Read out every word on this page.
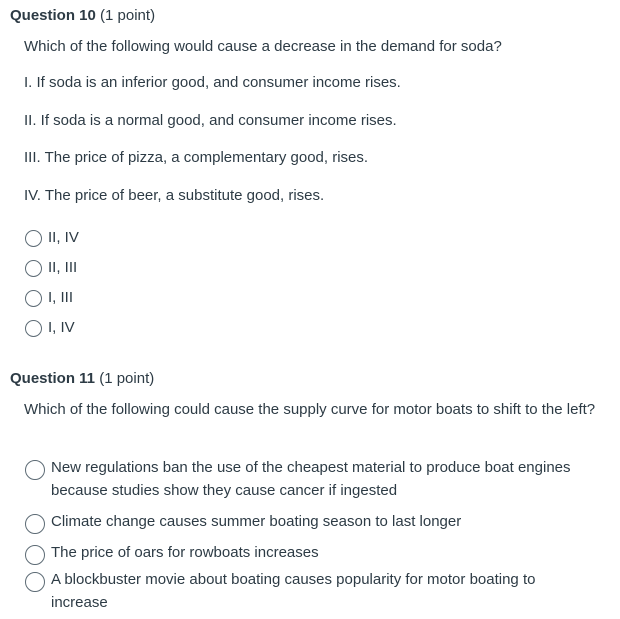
Question 10 (1 point)
Which of the following would cause a decrease in the demand for soda?
I. If soda is an inferior good, and consumer income rises.
II. If soda is a normal good, and consumer income rises.
III. The price of pizza, a complementary good, rises.
IV. The price of beer, a substitute good, rises.
II, IV
II, III
I, III
I, IV
Question 11 (1 point)
Which of the following could cause the supply curve for motor boats to shift to the left?
New regulations ban the use of the cheapest material to produce boat engines because studies show they cause cancer if ingested
Climate change causes summer boating season to last longer
The price of oars for rowboats increases
A blockbuster movie about boating causes popularity for motor boating to increase
